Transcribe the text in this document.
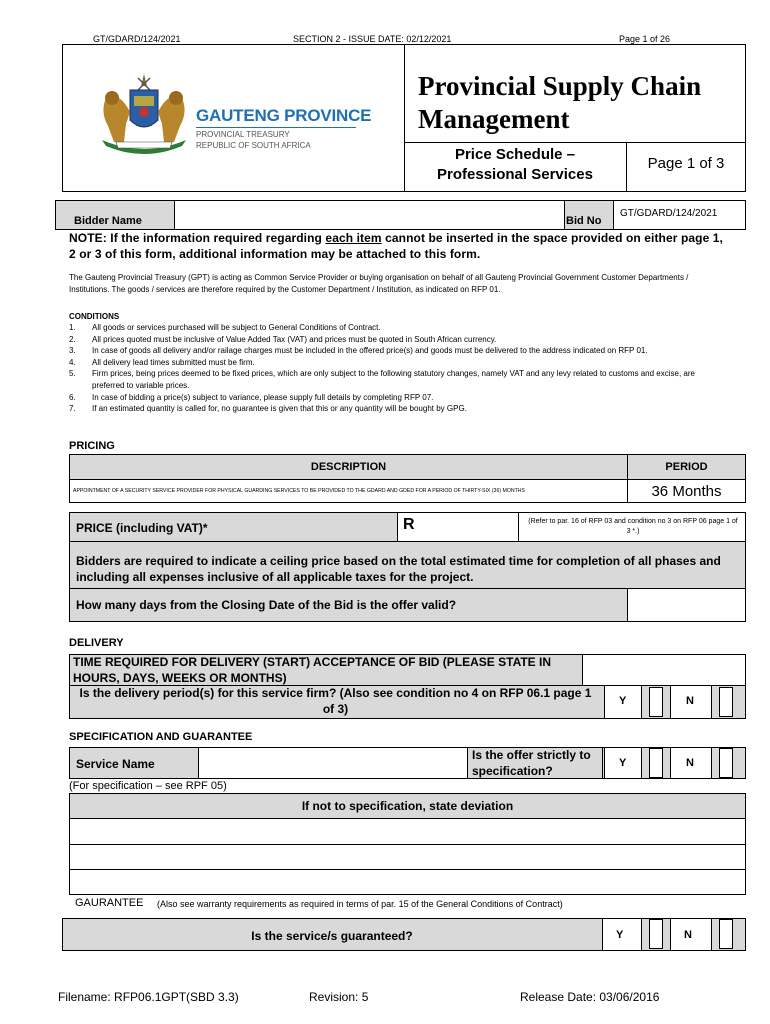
GT/GDARD/124/2021	SECTION 2 - ISSUE DATE: 02/12/2021	Page 1 of 26
GAUTENG PROVINCE
PROVINCIAL TREASURY
REPUBLIC OF SOUTH AFRICA
Provincial Supply Chain Management
Price Schedule – Professional Services
Page 1 of 3
Bidder Name	Bid No
GT/GDARD/124/2021
NOTE: If the information required regarding each item cannot be inserted in the space provided on either page 1, 2 or 3 of this form, additional information may be attached to this form.
The Gauteng Provincial Treasury (GPT) is acting as Common Service Provider or buying organisation on behalf of all Gauteng Provincial Government Customer Departments / Institutions. The goods / services are therefore required by the Customer Department / Institution, as indicated on RFP 01.
CONDITIONS
1. All goods or services purchased will be subject to General Conditions of Contract.
2. All prices quoted must be inclusive of Value Added Tax (VAT) and prices must be quoted in South African currency.
3. In case of goods all delivery and/or railage charges must be included in the offered price(s) and goods must be delivered to the address indicated on RFP 01.
4. All delivery lead times submitted must be firm.
5. Firm prices, being prices deemed to be fixed prices, which are only subject to the following statutory changes, namely VAT and any levy related to customs and excise, are preferred to variable prices.
6. In case of bidding a price(s) subject to variance, please supply full details by completing RFP 07.
7. If an estimated quantity is called for, no guarantee is given that this or any quantity will be bought by GPG.
PRICING
DESCRIPTION	PERIOD
APPOINTMENT OF A SECURITY SERVICE PROVIDER FOR PHYSICAL GUARDING SERVICES TO BE PROVIDED TO THE GDARD AND GDED FOR A PERIOD OF THIRTY-SIX (36) MONTHS	36 Months
PRICE (including VAT)*	R	(Refer to par. 16 of RFP 03 and condition no 3 on RFP 06 page 1 of 3 *.)
Bidders are required to indicate a ceiling price based on the total estimated time for completion of all phases and including all expenses inclusive of all applicable taxes for the project.
How many days from the Closing Date of the Bid is the offer valid?
DELIVERY
TIME REQUIRED FOR DELIVERY (START) ACCEPTANCE OF BID (PLEASE STATE IN HOURS, DAYS, WEEKS OR MONTHS)
Is the delivery period(s) for this service firm? (Also see condition no 4 on RFP 06.1 page 1 of 3)
Y	N
SPECIFICATION AND GUARANTEE
Service Name
Is the offer strictly to specification?
Y	N
(For specification – see RPF 05)
If not to specification, state deviation
GAURANTEE (Also see warranty requirements as required in terms of par. 15 of the General Conditions of Contract)
Is the service/s guaranteed?	Y	N
Filename: RFP06.1GPT(SBD 3.3)	Revision: 5	Release Date: 03/06/2016
